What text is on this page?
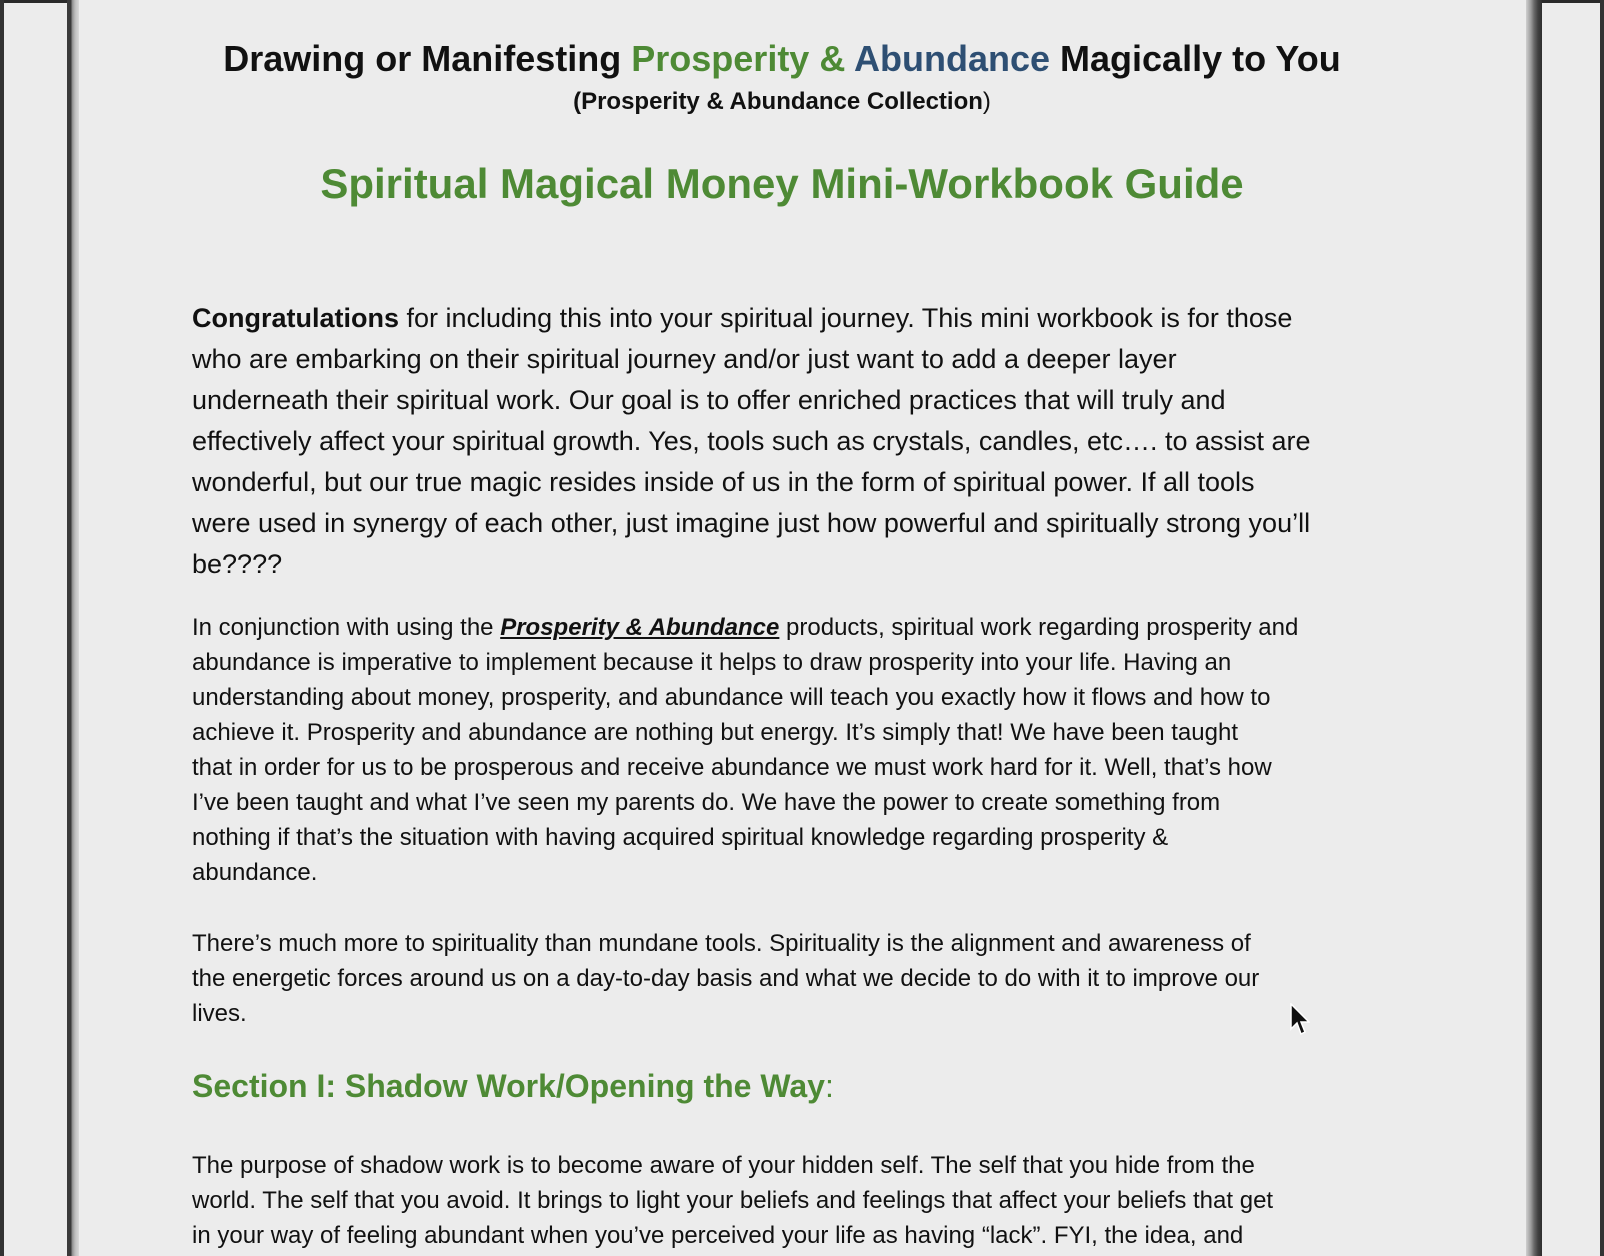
Drawing or Manifesting Prosperity & Abundance Magically to You
(Prosperity & Abundance Collection)
Spiritual Magical Money Mini-Workbook Guide
Congratulations for including this into your spiritual journey. This mini workbook is for those
who are embarking on their spiritual journey and/or just want to add a deeper layer
underneath their spiritual work. Our goal is to offer enriched practices that will truly and
effectively affect your spiritual growth. Yes, tools such as crystals, candles, etc…. to assist are
wonderful, but our true magic resides inside of us in the form of spiritual power. If all tools
were used in synergy of each other, just imagine just how powerful and spiritually strong you’ll
be????
In conjunction with using the Prosperity & Abundance products, spiritual work regarding prosperity and
abundance is imperative to implement because it helps to draw prosperity into your life. Having an
understanding about money, prosperity, and abundance will teach you exactly how it flows and how to
achieve it. Prosperity and abundance are nothing but energy. It’s simply that! We have been taught
that in order for us to be prosperous and receive abundance we must work hard for it. Well, that’s how
I’ve been taught and what I’ve seen my parents do. We have the power to create something from
nothing if that’s the situation with having acquired spiritual knowledge regarding prosperity &
abundance.
There’s much more to spirituality than mundane tools. Spirituality is the alignment and awareness of
the energetic forces around us on a day-to-day basis and what we decide to do with it to improve our
lives.
Section I: Shadow Work/Opening the Way:
The purpose of shadow work is to become aware of your hidden self. The self that you hide from the
world. The self that you avoid. It brings to light your beliefs and feelings that affect your beliefs that get
in your way of feeling abundant when you’ve perceived your life as having “lack”. FYI, the idea, and
